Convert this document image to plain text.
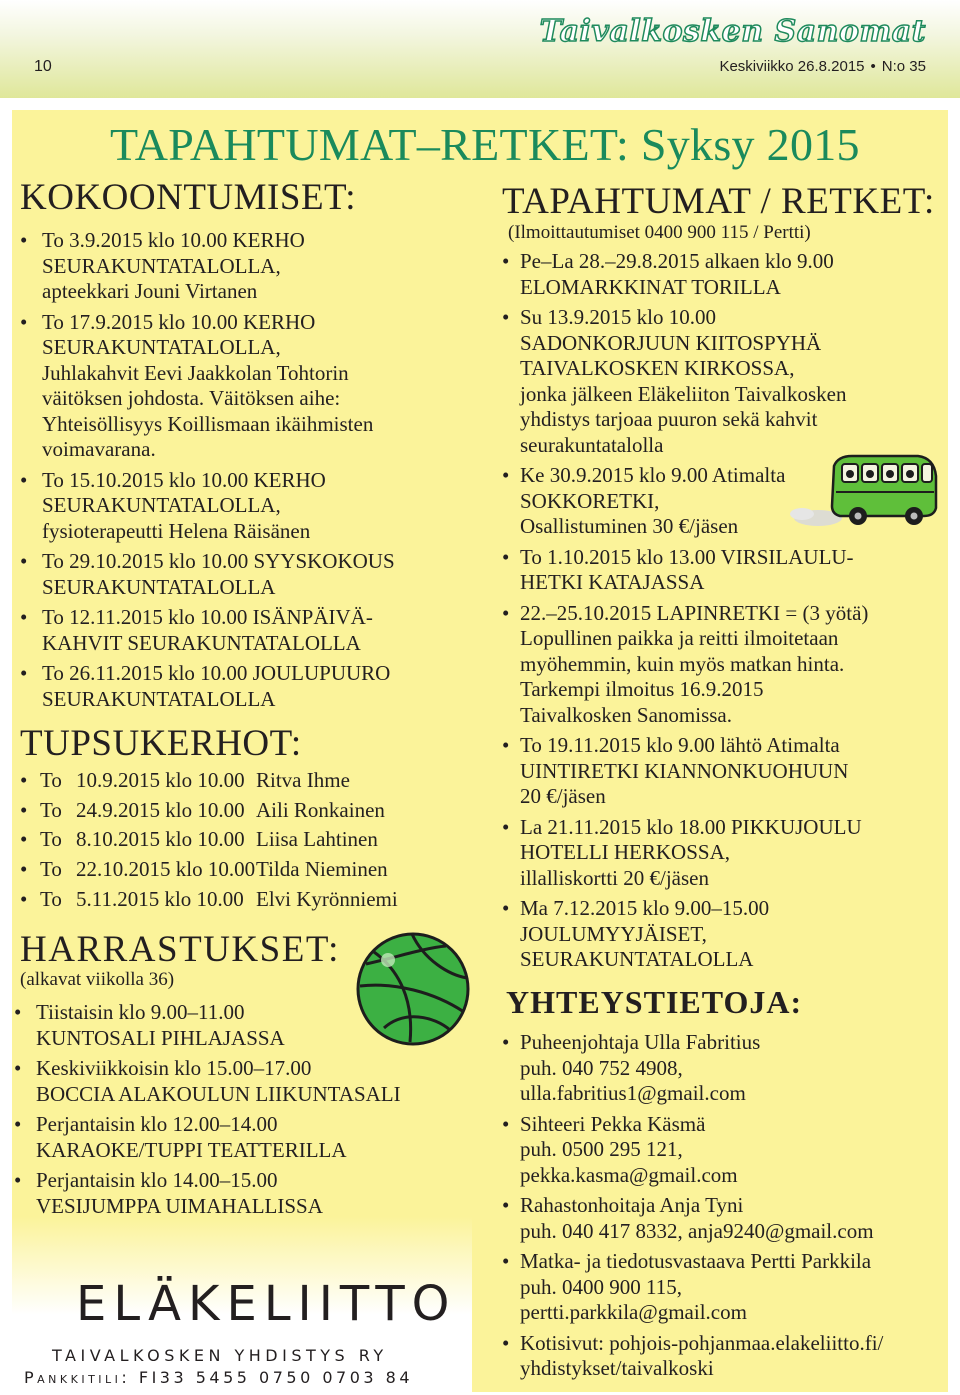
10
Taivalkosken Sanomat
Keskiviikko 26.8.2015 • N:o 35
TAPAHTUMAT–RETKET: Syksy 2015
KOKOONTUMISET:
• To 3.9.2015 klo 10.00 KERHO
SEURAKUNTATALOLLA,
apteekkari Jouni Virtanen
• To 17.9.2015 klo 10.00 KERHO
SEURAKUNTATALOLLA,
Juhlakahvit Eevi Jaakkolan Tohtorin
väitöksen johdosta. Väitöksen aihe:
Yhteisöllisyys Koillismaan ikäihmisten
voimavarana.
• To 15.10.2015 klo 10.00 KERHO
SEURAKUNTATALOLLA,
fysioterapeutti Helena Räisänen
• To 29.10.2015 klo 10.00 SYYSKOKOUS
SEURAKUNTATALOLLA
• To 12.11.2015 klo 10.00 ISÄNPÄIVÄ-
KAHVIT SEURAKUNTATALOLLA
• To 26.11.2015 klo 10.00 JOULUPUURO
SEURAKUNTATALOLLA
TUPSUKERHOT:
• To 10.9.2015 klo 10.00 Ritva Ihme
• To 24.9.2015 klo 10.00 Aili Ronkainen
• To 8.10.2015 klo 10.00 Liisa Lahtinen
• To 22.10.2015 klo 10.00 Tilda Nieminen
• To 5.11.2015 klo 10.00 Elvi Kyrönniemi
HARRASTUKSET:
(alkavat viikolla 36)
• Tiistaisin klo 9.00–11.00
KUNTOSALI PIHLAJASSA
• Keskiviikkoisin klo 15.00–17.00
BOCCIA ALAKOULUN LIIKUNTASALI
• Perjantaisin klo 12.00–14.00
KARAOKE/TUPPI TEATTERILLA
• Perjantaisin klo 14.00–15.00
VESIJUMPPA UIMAHALLISSA
ELÄKELIITTO
TAIVALKOSKEN YHDISTYS RY
Pankkitili: FI33 5455 0750 0703 84
TAPAHTUMAT / RETKET:
(Ilmoittautumiset 0400 900 115 / Pertti)
• Pe–La 28.–29.8.2015 alkaen klo 9.00
ELOMARKKINAT TORILLA
• Su 13.9.2015 klo 10.00
SADONKORJUUN KIITOSPYHÄ
TAIVALKOSKEN KIRKOSSA,
jonka jälkeen Eläkeliiton Taivalkosken
yhdistys tarjoaa puuron sekä kahvit
seurakuntatalolla
• Ke 30.9.2015 klo 9.00 Atimalta
SOKKORETKI,
Osallistuminen 30 €/jäsen
• To 1.10.2015 klo 13.00 VIRSILAULU-
HETKI KATAJASSA
• 22.–25.10.2015 LAPINRETKI = (3 yötä)
Lopullinen paikka ja reitti ilmoitetaan
myöhemmin, kuin myös matkan hinta.
Tarkempi ilmoitus 16.9.2015
Taivalkosken Sanomissa.
• To 19.11.2015 klo 9.00 lähtö Atimalta
UINTIRETKI KIANNONKUOHUUN
20 €/jäsen
• La 21.11.2015 klo 18.00 PIKKUJOULU
HOTELLI HERKOSSA,
illalliskortti 20 €/jäsen
• Ma 7.12.2015 klo 9.00–15.00
JOULUMYYJÄISET,
SEURAKUNTATALOLLA
YHTEYSTIETOJA:
• Puheenjohtaja Ulla Fabritius
puh. 040 752 4908,
ulla.fabritius1@gmail.com
• Sihteeri Pekka Käsmä
puh. 0500 295 121,
pekka.kasma@gmail.com
• Rahastonhoitaja Anja Tyni
puh. 040 417 8332, anja9240@gmail.com
• Matka- ja tiedotusvastaava Pertti Parkkila
puh. 0400 900 115,
pertti.parkkila@gmail.com
• Kotisivut: pohjois-pohjanmaa.elakeliitto.fi/
yhdistykset/taivalkoski
